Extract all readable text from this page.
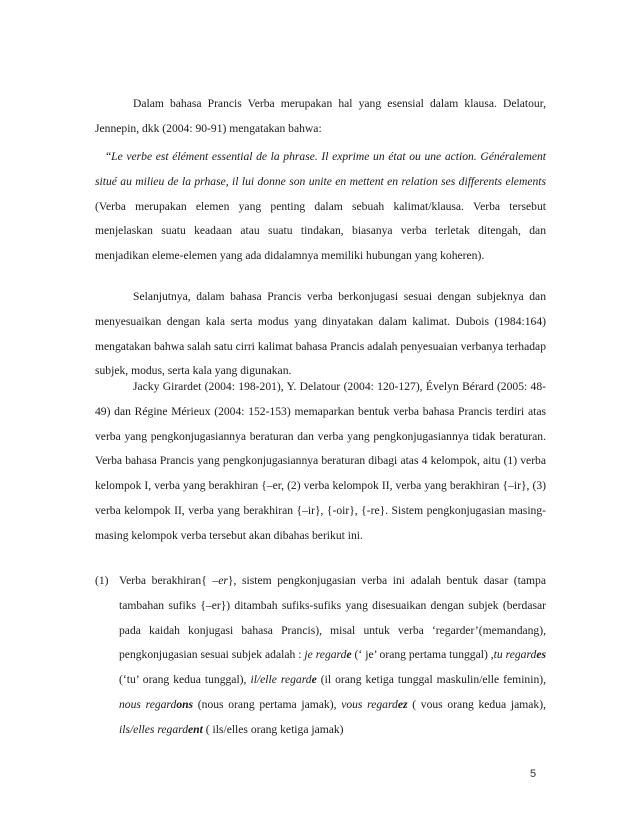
Dalam bahasa Prancis Verba merupakan hal yang esensial dalam klausa. Delatour, Jennepin, dkk (2004: 90-91) mengatakan bahwa:

“Le verbe est élément essential de la phrase. Il exprime un état ou une action. Généralement situé au milieu de la prhase, il lui donne son unite en mettent en relation ses differents elements (Verba merupakan elemen yang penting dalam sebuah kalimat/klausa. Verba tersebut menjelaskan suatu keadaan atau suatu tindakan, biasanya verba terletak ditengah, dan menjadikan eleme-elemen yang ada didalamnya memiliki hubungan yang koheren).

Selanjutnya, dalam bahasa Prancis verba berkonjugasi sesuai dengan subjeknya dan menyesuaikan dengan kala serta modus yang dinyatakan dalam kalimat. Dubois (1984:164) mengatakan bahwa salah satu cirri kalimat bahasa Prancis adalah penyesuaian verbanya terhadap subjek, modus, serta kala yang digunakan.

Jacky Girardet (2004: 198-201), Y. Delatour (2004: 120-127), Évelyn Bérard (2005: 48-49) dan Régine Mérieux (2004: 152-153) memaparkan bentuk verba bahasa Prancis terdiri atas verba yang pengkonjugasiannya beraturan dan verba yang pengkonjugasiannya tidak beraturan. Verba bahasa Prancis yang pengkonjugasiannya beraturan dibagi atas 4 kelompok, aitu (1) verba kelompok I, verba yang berakhiran {–er, (2) verba kelompok II, verba yang berakhiran {–ir}, (3) verba kelompok II, verba yang berakhiran {–ir}, {-oir}, {-re}. Sistem pengkonjugasian masing-masing kelompok verba tersebut akan dibahas berikut ini.

(1) Verba berakhiran{ –er}, sistem pengkonjugasian verba ini adalah bentuk dasar (tampa tambahan sufiks {–er}) ditambah sufiks-sufiks yang disesuaikan dengan subjek (berdasar pada kaidah konjugasi bahasa Prancis), misal untuk verba ‘regarder’(memandang), pengkonjugasian sesuai subjek adalah : je regarde (‘ je’ orang pertama tunggal) ,tu regardes (‘tu’ orang kedua tunggal), il/elle regarde (il orang ketiga tunggal maskulin/elle feminin), nous regardons (nous orang pertama jamak), vous regardez ( vous orang kedua jamak), ils/elles regardent ( ils/elles orang ketiga jamak)
5
